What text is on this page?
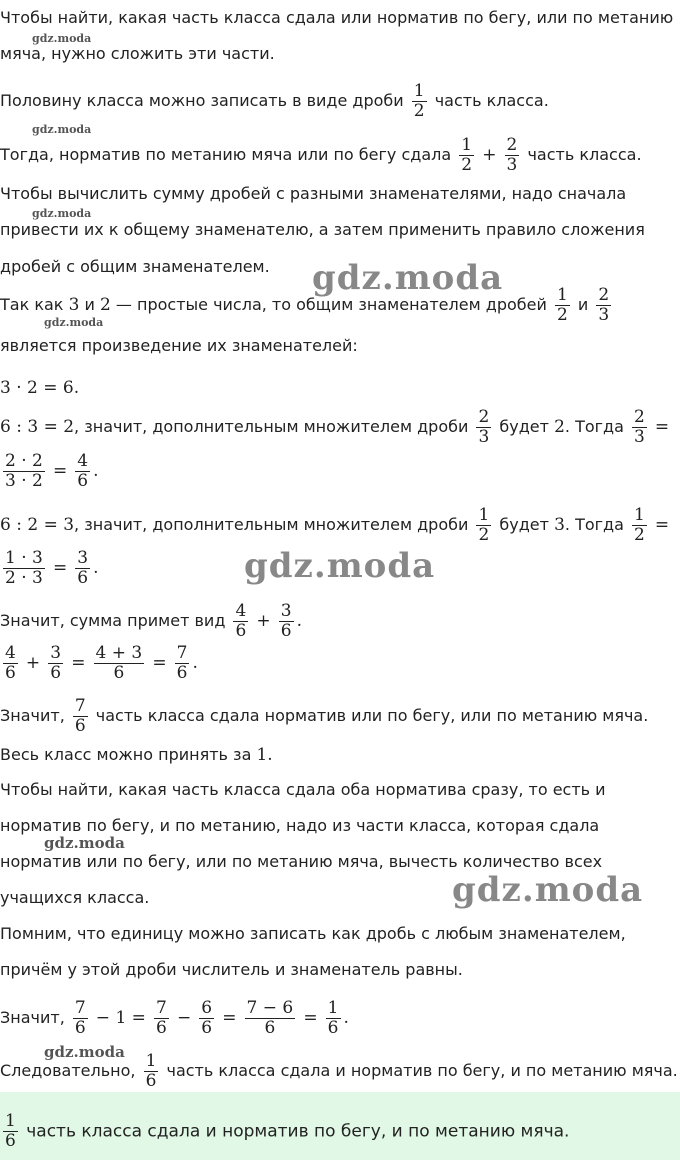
gdz.moda
gdz.moda
gdz.moda
gdz.moda
gdz.moda
gdz.moda
gdz.moda
gdz.moda
gdz.moda
Чтобы найти, какая часть класса сдала или норматив по бегу, или по метанию
мяча, нужно сложить эти части.
Половину класса можно записать в виде дроби $\frac{1}{2}$ часть класса.
Тогда, норматив по метанию мяча или по бегу сдала $\frac{1}{2} + \frac{2}{3}$ часть класса.
Чтобы вычислить сумму дробей с разными знаменателями, надо сначала
привести их к общему знаменателю, а затем применить правило сложения
дробей с общим знаменателем.
Так как 3 и 2 — простые числа, то общим знаменателем дробей $\frac{1}{2}$ и $\frac{2}{3}$
является произведение их знаменателей:
3 · 2 = 6.
6 : 3 = 2, значит, дополнительным множителем дроби $\frac{2}{3}$ будет 2. Тогда $\frac{2}{3}$ =
$\frac{2 \cdot 2}{3 \cdot 2} = \frac{4}{6}$ .
6 : 2 = 3, значит, дополнительным множителем дроби $\frac{1}{2}$ будет 3. Тогда $\frac{1}{2}$ =
$\frac{1 \cdot 3}{2 \cdot 3} = \frac{3}{6}$ .
Значит, сумма примет вид $\frac{4}{6} + \frac{3}{6}$ .
$\frac{4}{6} + \frac{3}{6} = \frac{4 + 3}{6} = \frac{7}{6}$ .
Значит, $\frac{7}{6}$ часть класса сдала норматив или по бегу, или по метанию мяча.
Весь класс можно принять за 1.
Чтобы найти, какая часть класса сдала оба норматива сразу, то есть и
норматив по бегу, и по метанию, надо из части класса, которая сдала
норматив или по бегу, или по метанию мяча, вычесть количество всех
учащихся класса.
Помним, что единицу можно записать как дробь с любым знаменателем,
причём у этой дроби числитель и знаменатель равны.
Значит, $\frac{7}{6} - 1 = \frac{7}{6} - \frac{6}{6} = \frac{7 - 6}{6} = \frac{1}{6}$ .
Следовательно, $\frac{1}{6}$ часть класса сдала и норматив по бегу, и по метанию мяча.
$\frac{1}{6}$ часть класса сдала и норматив по бегу, и по метанию мяча.
